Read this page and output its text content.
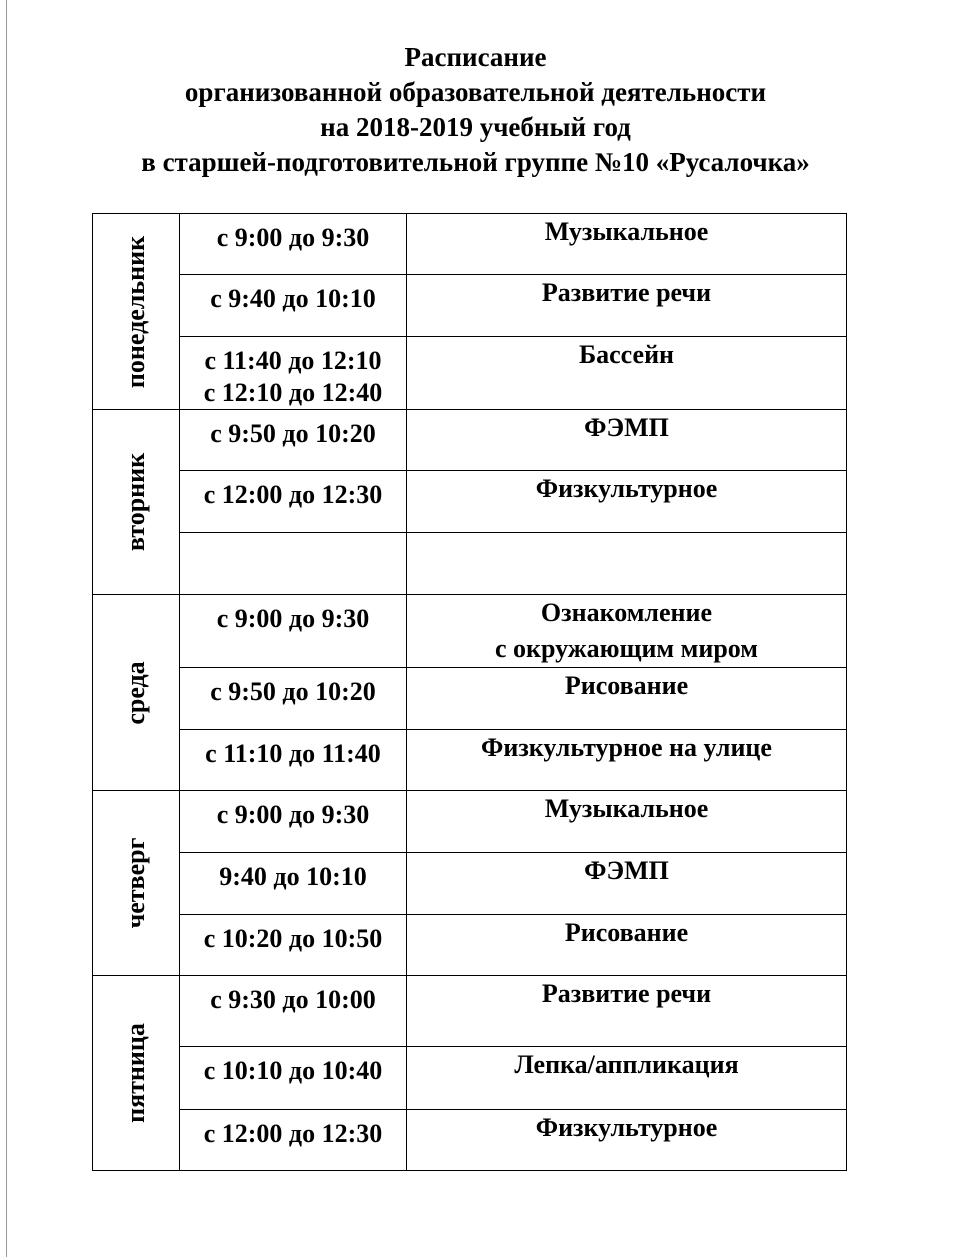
Расписание
организованной образовательной деятельности
на 2018-2019 учебный год
в старшей-подготовительной группе №10 «Русалочка»
понедельник	с 9:00 до 9:30	Музыкальное

	с 9:40 до 10:10	Развитие речи

	с 11:40 до 12:10
с 12:10 до 12:40	Бассейн

вторник	с 9:50 до 10:20	ФЭМП

	с 12:00 до 12:30	Физкультурное

среда	с 9:00 до 9:30	Ознакомление
с окружающим миром

	с 9:50 до 10:20	Рисование

	с 11:10 до 11:40	Физкультурное на улице

четверг	с 9:00 до 9:30	Музыкальное

	9:40 до 10:10	ФЭМП

	с 10:20 до 10:50	Рисование

пятница	с 9:30 до 10:00	Развитие речи

	с 10:10 до 10:40	Лепка/аппликация

	с 12:00 до 12:30	Физкультурное
